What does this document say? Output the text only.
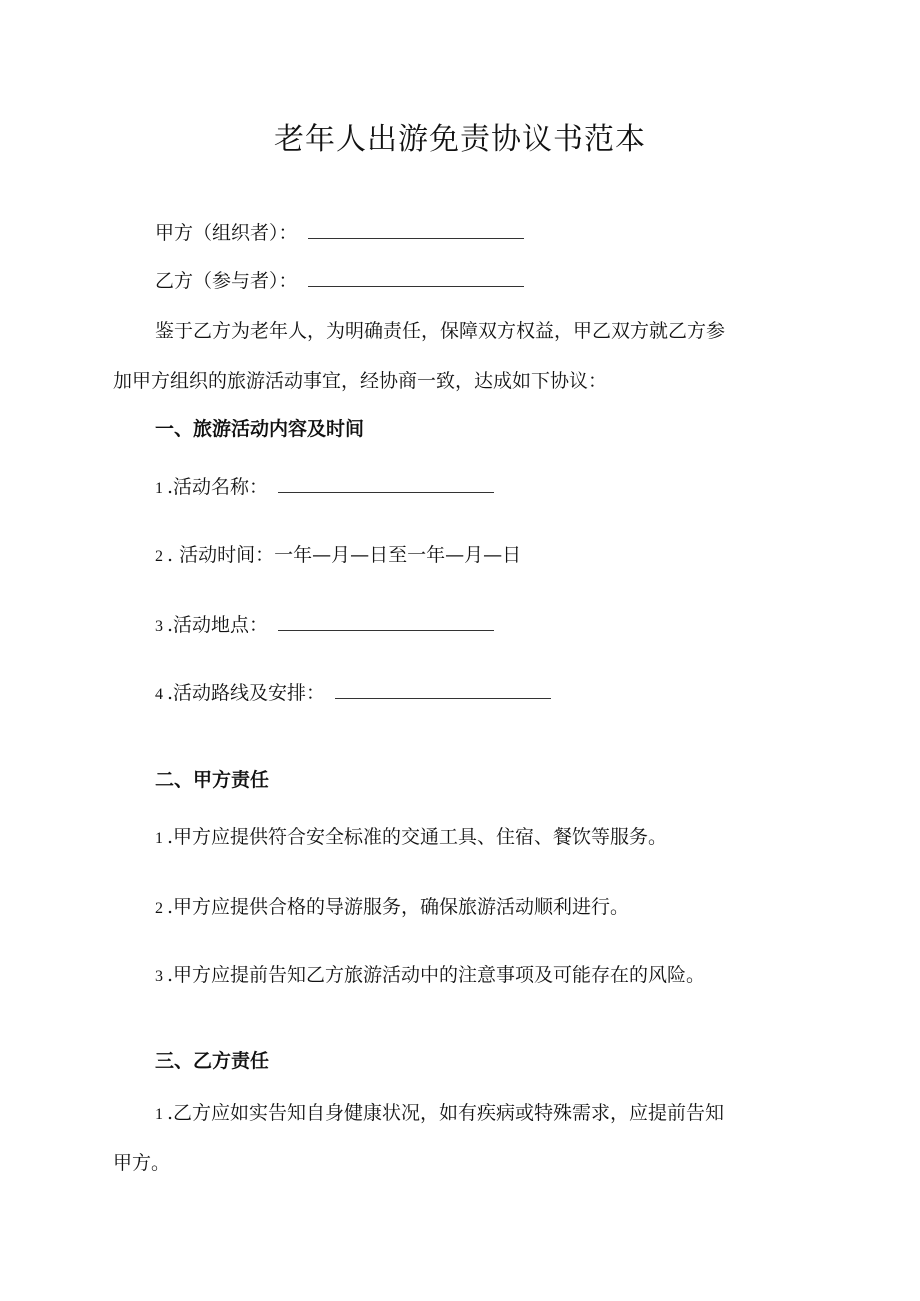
老年人出游免责协议书范本
甲方（组织者）：
乙方（参与者）：
鉴于乙方为老年人，为明确责任，保障双方权益，甲乙双方就乙方参
加甲方组织的旅游活动事宜，经协商一致，达成如下协议：
一、旅游活动内容及时间
1 .活动名称：
2 . 活动时间：一年—月—日至一年—月—日
3 .活动地点：
4 .活动路线及安排：
二、甲方责任
1 .甲方应提供符合安全标准的交通工具、住宿、餐饮等服务。
2 .甲方应提供合格的导游服务，确保旅游活动顺利进行。
3 .甲方应提前告知乙方旅游活动中的注意事项及可能存在的风险。
三、乙方责任
1 .乙方应如实告知自身健康状况，如有疾病或特殊需求，应提前告知
甲方。
